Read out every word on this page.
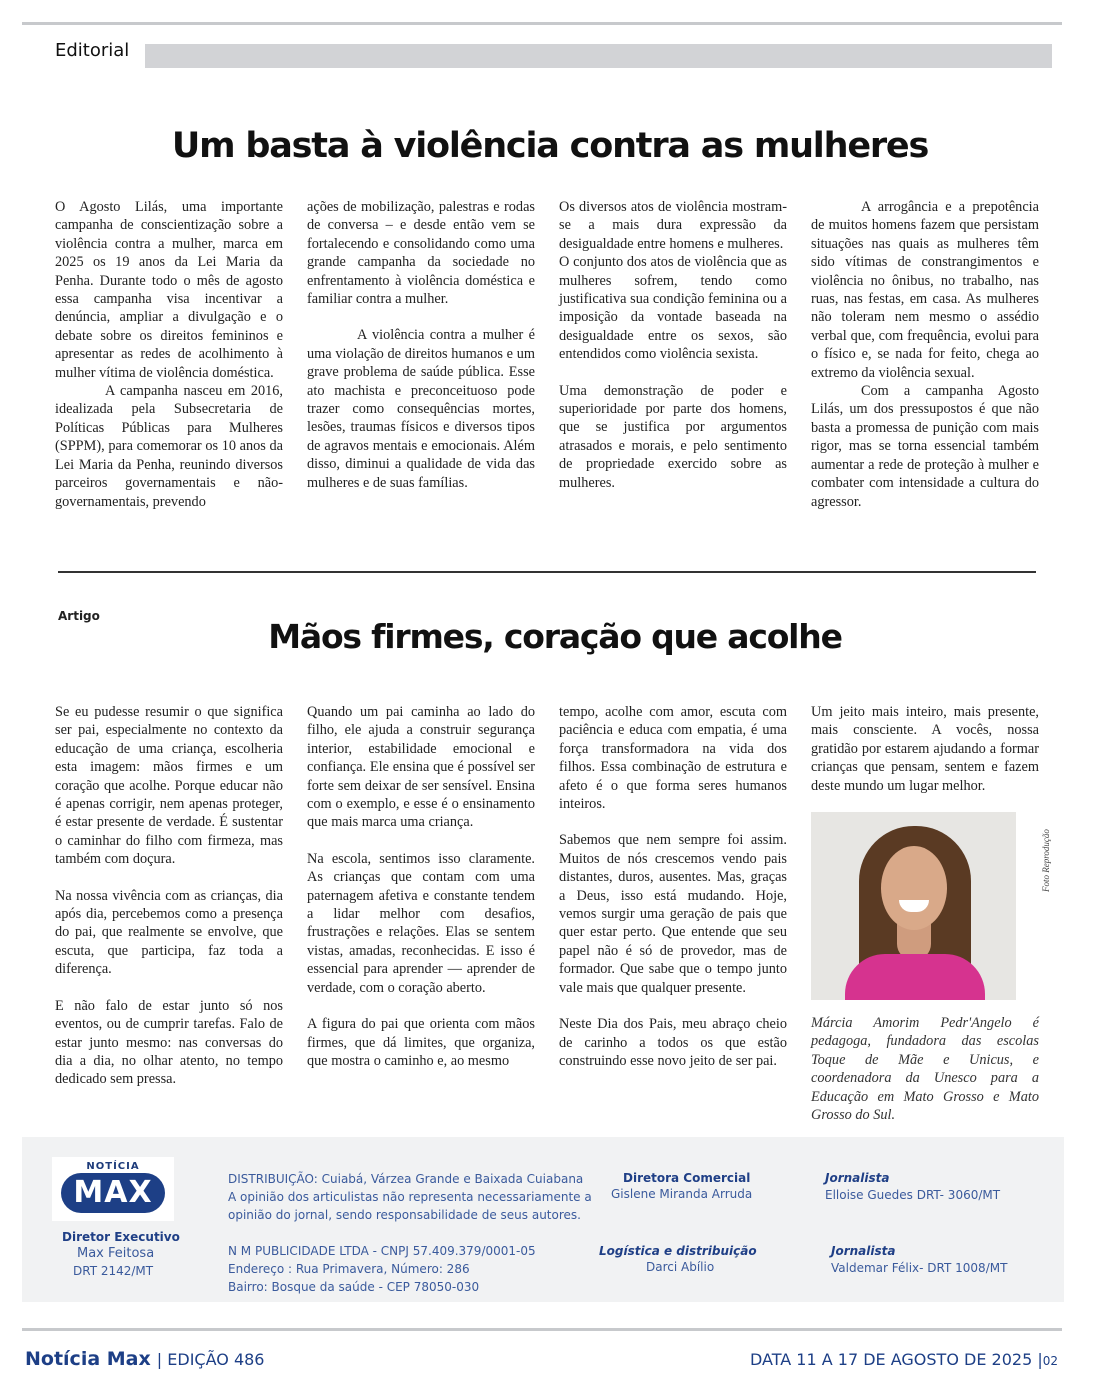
Editorial
Um basta à violência contra as mulheres

O Agosto Lilás, uma importante campanha de conscientização sobre a violência contra a mulher, marca em 2025 os 19 anos da Lei Maria da Penha. Durante todo o mês de agosto essa campanha visa incentivar a denúncia, ampliar a divulgação e o debate sobre os direitos femininos e apresentar as redes de acolhimento à mulher vítima de violência doméstica.

A campanha nasceu em 2016, idealizada pela Subsecretaria de Políticas Públicas para Mulheres (SPPM), para comemorar os 10 anos da Lei Maria da Penha, reunindo diversos parceiros governamentais e não-governamentais, prevendo

ações de mobilização, palestras e rodas de conversa – e desde então vem se fortalecendo e consolidando como uma grande campanha da sociedade no enfrentamento à violência doméstica e familiar contra a mulher.

A violência contra a mulher é uma violação de direitos humanos e um grave problema de saúde pública. Esse ato machista e preconceituoso pode trazer como consequências mortes, lesões, traumas físicos e diversos tipos de agravos mentais e emocionais. Além disso, diminui a qualidade de vida das mulheres e de suas famílias.

Os diversos atos de violência mostram-se a mais dura expressão da desigualdade entre homens e mulheres.

O conjunto dos atos de violência que as mulheres sofrem, tendo como justificativa sua condição feminina ou a imposição da vontade baseada na desigualdade entre os sexos, são entendidos como violência sexista.

Uma demonstração de poder e superioridade por parte dos homens, que se justifica por argumentos atrasados e morais, e pelo sentimento de propriedade exercido sobre as mulheres.

A arrogância e a prepotência de muitos homens fazem que persistam situações nas quais as mulheres têm sido vítimas de constrangimentos e violência no ônibus, no trabalho, nas ruas, nas festas, em casa. As mulheres não toleram nem mesmo o assédio verbal que, com frequência, evolui para o físico e, se nada for feito, chega ao extremo da violência sexual.

Com a campanha Agosto Lilás, um dos pressupostos é que não basta a promessa de punição com mais rigor, mas se torna essencial também aumentar a rede de proteção à mulher e combater com intensidade a cultura do agressor.

Artigo
Mãos firmes, coração que acolhe

Se eu pudesse resumir o que significa ser pai, especialmente no contexto da educação de uma criança, escolheria esta imagem: mãos firmes e um coração que acolhe. Porque educar não é apenas corrigir, nem apenas proteger, é estar presente de verdade. É sustentar o caminhar do filho com firmeza, mas também com doçura.

Na nossa vivência com as crianças, dia após dia, percebemos como a presença do pai, que realmente se envolve, que escuta, que participa, faz toda a diferença.

E não falo de estar junto só nos eventos, ou de cumprir tarefas. Falo de estar junto mesmo: nas conversas do dia a dia, no olhar atento, no tempo dedicado sem pressa.

Quando um pai caminha ao lado do filho, ele ajuda a construir segurança interior, estabilidade emocional e confiança. Ele ensina que é possível ser forte sem deixar de ser sensível. Ensina com o exemplo, e esse é o ensinamento que mais marca uma criança.

Na escola, sentimos isso claramente. As crianças que contam com uma paternagem afetiva e constante tendem a lidar melhor com desafios, frustrações e relações. Elas se sentem vistas, amadas, reconhecidas. E isso é essencial para aprender — aprender de verdade, com o coração aberto.

A figura do pai que orienta com mãos firmes, que dá limites, que organiza, que mostra o caminho e, ao mesmo

tempo, acolhe com amor, escuta com paciência e educa com empatia, é uma força transformadora na vida dos filhos. Essa combinação de estrutura e afeto é o que forma seres humanos inteiros.

Sabemos que nem sempre foi assim. Muitos de nós crescemos vendo pais distantes, duros, ausentes. Mas, graças a Deus, isso está mudando. Hoje, vemos surgir uma geração de pais que quer estar perto. Que entende que seu papel não é só de provedor, mas de formador. Que sabe que o tempo junto vale mais que qualquer presente.

Neste Dia dos Pais, meu abraço cheio de carinho a todos os que estão construindo esse novo jeito de ser pai.

Um jeito mais inteiro, mais presente, mais consciente. A vocês, nossa gratidão por estarem ajudando a formar crianças que pensam, sentem e fazem deste mundo um lugar melhor.

Márcia Amorim Pedr'Angelo é pedagoga, fundadora das escolas Toque de Mãe e Unicus, e coordenadora da Unesco para a Educação em Mato Grosso e Mato Grosso do Sul.

Foto Reprodução
NOTÍCIA
MAX
Diretor Executivo
Max Feitosa
DRT 2142/MT
DISTRIBUIÇÃO: Cuiabá, Várzea Grande e Baixada Cuiabana
A opinião dos articulistas não representa necessariamente a
opinião do jornal, sendo responsabilidade de seus autores.
N M PUBLICIDADE LTDA - CNPJ 57.409.379/0001-05
Endereço : Rua Primavera, Número: 286
Bairro: Bosque da saúde - CEP 78050-030
Diretora Comercial
Gislene Miranda Arruda
Logística e distribuição
Darci Abílio
Jornalista
Elloise Guedes DRT- 3060/MT
Jornalista
Valdemar Félix- DRT 1008/MT
Notícia Max | EDIÇÃO 486	DATA 11 A 17 DE AGOSTO DE 2025 |02
